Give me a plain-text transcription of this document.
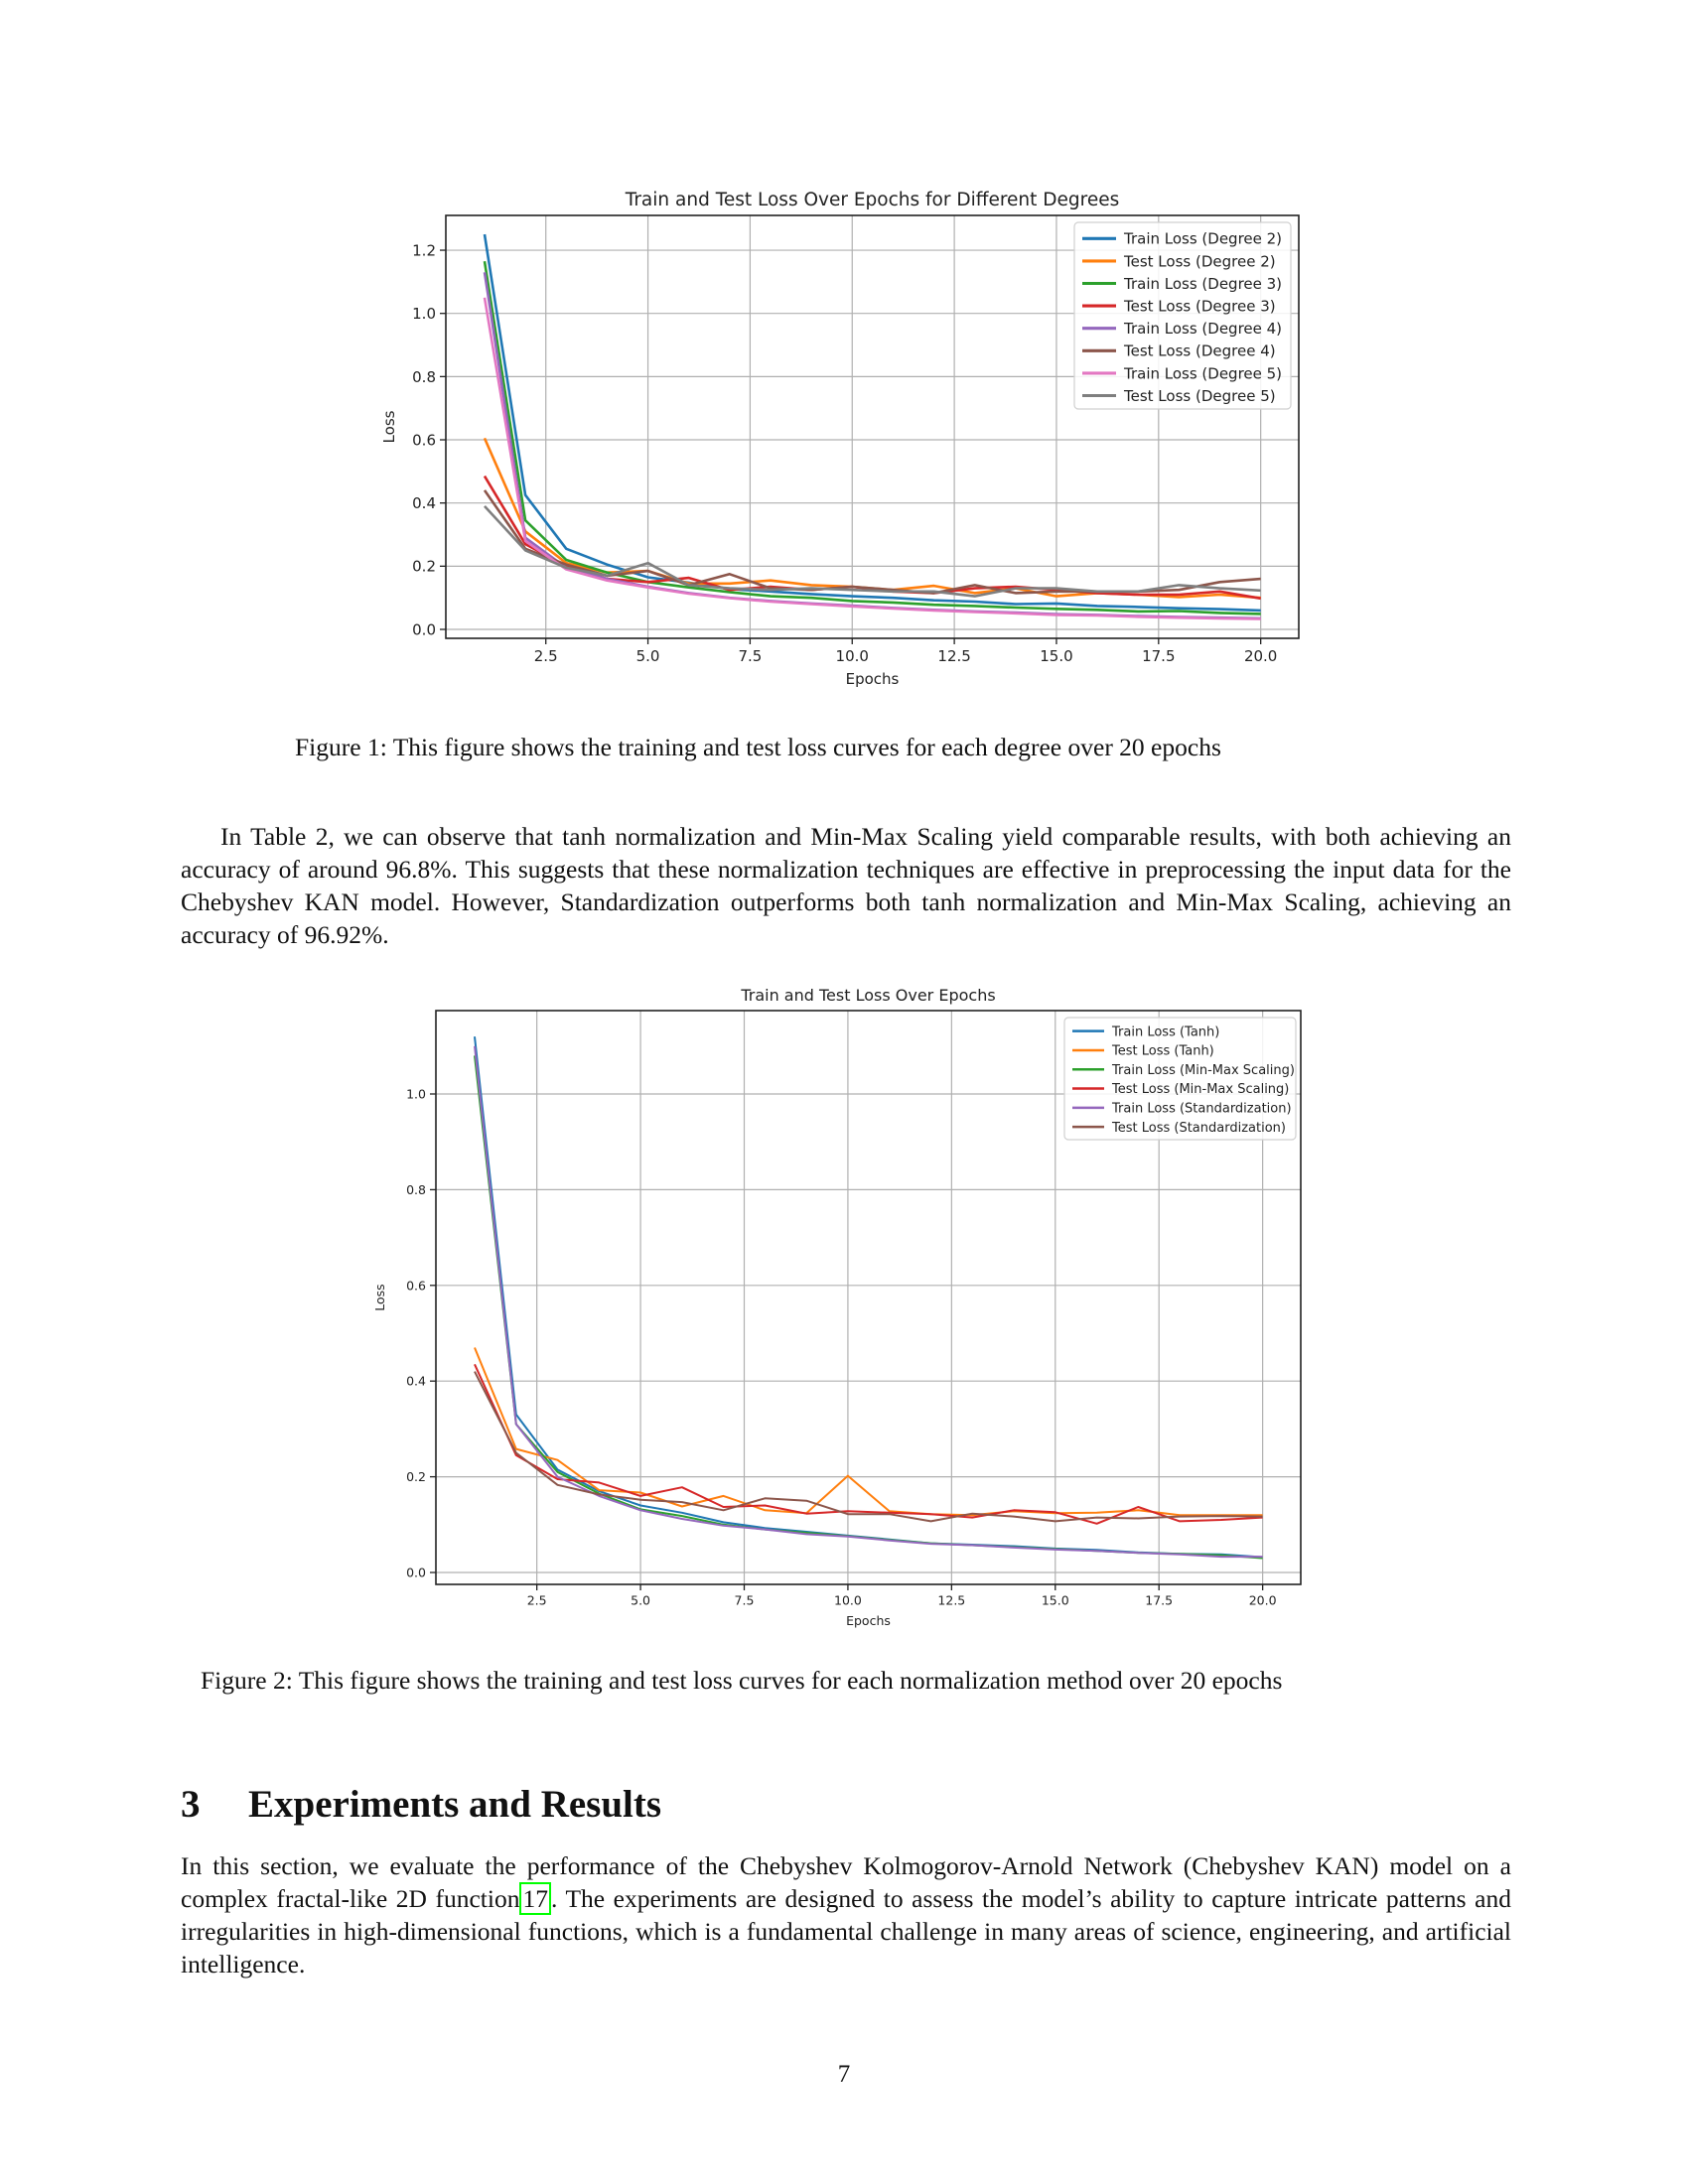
2.5	5.0	7.5	10.0	12.5	15.0	17.5	20.0
0.0
0.2
0.4
0.6
0.8
1.0
1.2
Train and Test Loss Over Epochs for Different Degrees
Epochs
Loss
Train Loss (Degree 2)
Test Loss (Degree 2)
Train Loss (Degree 3)
Test Loss (Degree 3)
Train Loss (Degree 4)
Test Loss (Degree 4)
Train Loss (Degree 5)
Test Loss (Degree 5)
Figure 1: This figure shows the training and test loss curves for each degree over 20 epochs

In Table 2, we can observe that tanh normalization and Min-Max Scaling yield comparable results, with both achieving an accuracy of around 96.8%. This suggests that these normalization techniques are effective in preprocessing the input data for the Chebyshev KAN model. However, Standardization outperforms both tanh normalization and Min-Max Scaling, achieving an accuracy of 96.92%.

2.5	5.0	7.5	10.0	12.5	15.0	17.5	20.0
0.0
0.2
0.4
0.6
0.8
1.0
Train and Test Loss Over Epochs
Epochs
Loss
Train Loss (Tanh)
Test Loss (Tanh)
Train Loss (Min-Max Scaling)
Test Loss (Min-Max Scaling)
Train Loss (Standardization)
Test Loss (Standardization)
Figure 2: This figure shows the training and test loss curves for each normalization method over 20 epochs
3 Experiments and Results

In this section, we evaluate the performance of the Chebyshev Kolmogorov-Arnold Network (Chebyshev KAN) model on a complex fractal-like 2D function 17 . The experiments are designed to assess the model’s ability to capture intricate patterns and irregularities in high-dimensional functions, which is a fundamental challenge in many areas of science, engineering, and artificial intelligence.

7
